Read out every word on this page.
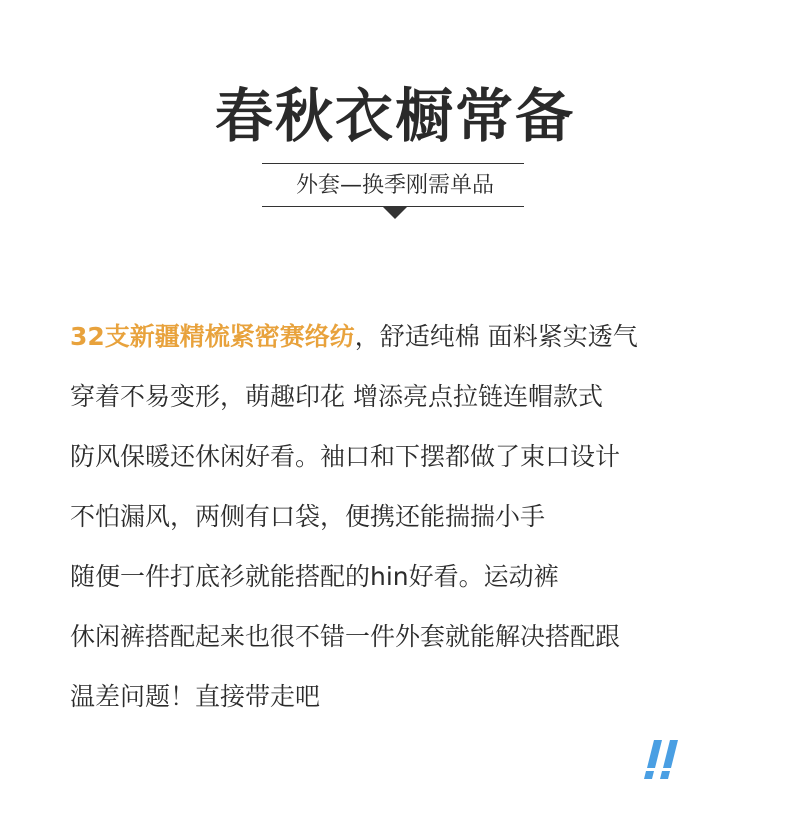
春秋衣橱常备
外套—换季刚需单品
32支新疆精梳紧密赛络纺，舒适纯棉 面料紧实透气
穿着不易变形，萌趣印花 增添亮点拉链连帽款式
防风保暖还休闲好看。袖口和下摆都做了束口设计
不怕漏风，两侧有口袋，便携还能揣揣小手
随便一件打底衫就能搭配的hin好看。运动裤
休闲裤搭配起来也很不错一件外套就能解决搭配跟
温差问题！直接带走吧
